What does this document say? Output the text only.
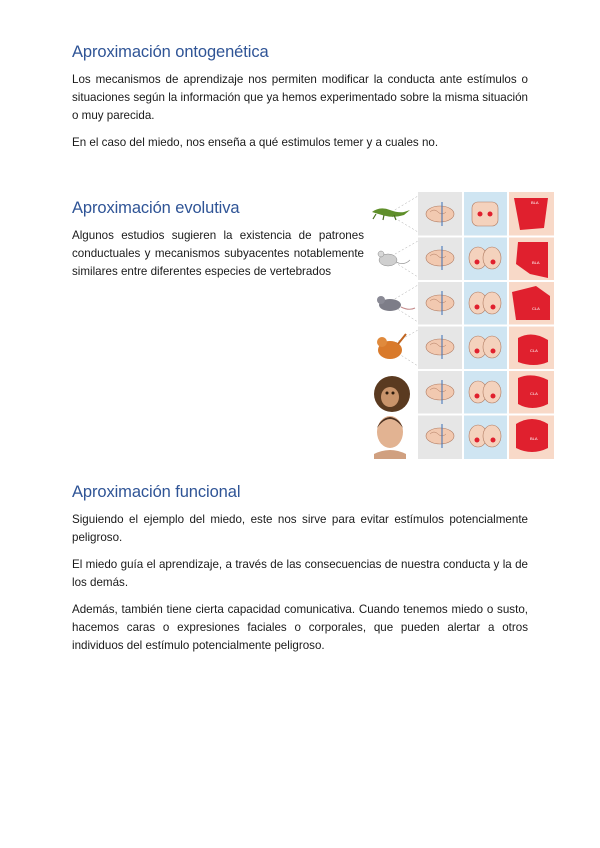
Aproximación ontogenética

Los mecanismos de aprendizaje nos permiten modificar la conducta ante estímulos o situaciones según la información que ya hemos experimentado sobre la misma situación o muy parecida.

En el caso del miedo, nos enseña a qué estimulos temer y a cuales no.

Aproximación evolutiva

Algunos estudios sugieren la existencia de patrones conductuales y mecanismos subyacentes notablemente similares entre diferentes especies de vertebrados

BLA
BLA
CLA
CLA
CLA
BLA
Aproximación funcional

Siguiendo el ejemplo del miedo, este nos sirve para evitar estímulos potencialmente peligroso.

El miedo guía el aprendizaje, a través de las consecuencias de nuestra conducta y la de los demás.

Además, también tiene cierta capacidad comunicativa. Cuando tenemos miedo o susto, hacemos caras o expresiones faciales o corporales, que pueden alertar a otros individuos del estímulo potencialmente peligroso.
